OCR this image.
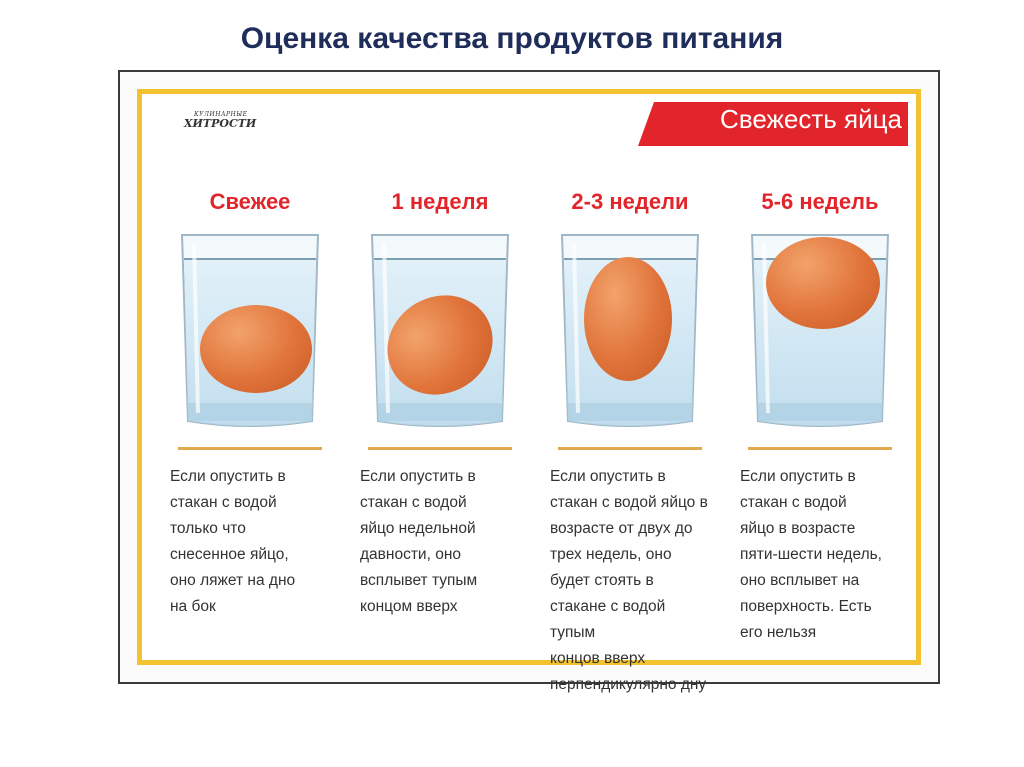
Оценка качества продуктов питания
КУЛИНАРНЫЕ
ХИТРОСТИ	Свежесть яйца
Свежее
Если опустить в
стакан с водой
только что
снесенное яйцо,
оно ляжет на дно
на бок
1 неделя
Если опустить в
стакан с водой
яйцо недельной
давности, оно
всплывет тупым
концом вверх
2-3 недели
Если опустить в
стакан с водой яйцо в
возрасте от двух до
трех недель, оно
будет стоять в
стакане с водой тупым
концов вверх
перпендикулярно дну
5-6 недель
Если опустить в
стакан с водой
яйцо в возрасте
пяти-шести недель,
оно всплывет на
поверхность. Есть
его нельзя
